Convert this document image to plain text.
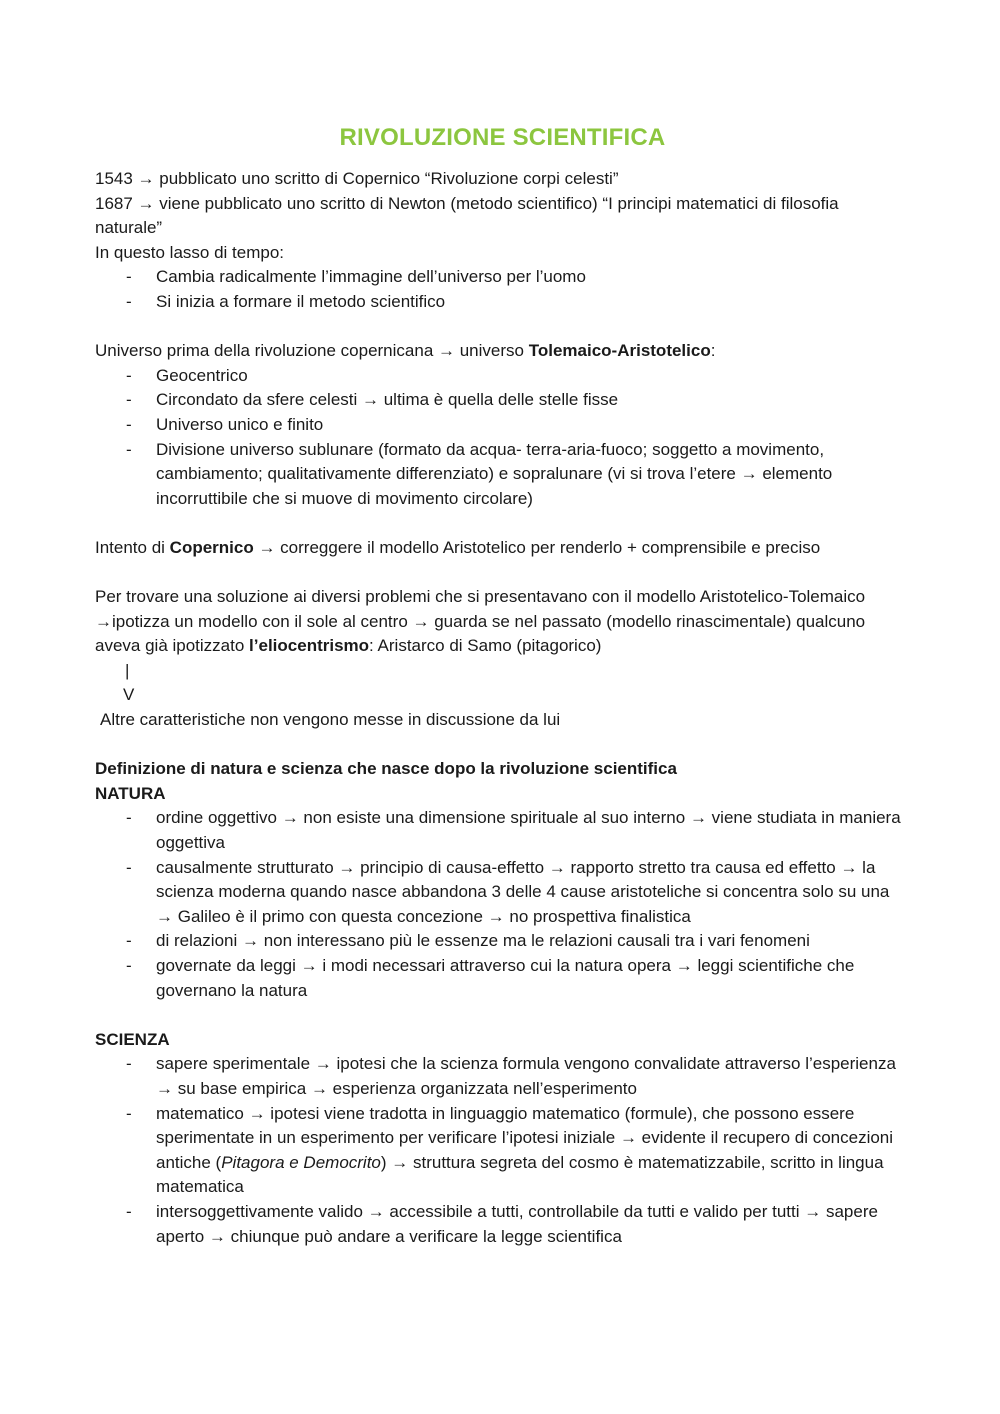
RIVOLUZIONE SCIENTIFICA

1543 → pubblicato uno scritto di Copernico “Rivoluzione corpi celesti”

1687 → viene pubblicato uno scritto di Newton (metodo scientifico) “I principi matematici di filosofia naturale”

In questo lasso di tempo:

- Cambia radicalmente l’immagine dell’universo per l’uomo
- Si inizia a formare il metodo scientifico

Universo prima della rivoluzione copernicana → universo Tolemaico-Aristotelico:

- Geocentrico
- Circondato da sfere celesti → ultima è quella delle stelle fisse
- Universo unico e finito
- Divisione universo sublunare (formato da acqua- terra-aria-fuoco; soggetto a movimento, cambiamento; qualitativamente differenziato) e sopralunare (vi si trova l’etere → elemento incorruttibile che si muove di movimento circolare)

Intento di Copernico → correggere il modello Aristotelico per renderlo + comprensibile e preciso

Per trovare una soluzione ai diversi problemi che si presentavano con il modello Aristotelico-Tolemaico →ipotizza un modello con il sole al centro → guarda se nel passato (modello rinascimentale) qualcuno aveva già ipotizzato l’eliocentrismo: Aristarco di Samo (pitagorico)

|

V

Altre caratteristiche non vengono messe in discussione da lui

Definizione di natura e scienza che nasce dopo la rivoluzione scientifica

NATURA

- ordine oggettivo → non esiste una dimensione spirituale al suo interno → viene studiata in maniera oggettiva
- causalmente strutturato → principio di causa-effetto → rapporto stretto tra causa ed effetto → la scienza moderna quando nasce abbandona 3 delle 4 cause aristoteliche si concentra solo su una → Galileo è il primo con questa concezione → no prospettiva finalistica
- di relazioni → non interessano più le essenze ma le relazioni causali tra i vari fenomeni
- governate da leggi → i modi necessari attraverso cui la natura opera → leggi scientifiche che governano la natura

SCIENZA

- sapere sperimentale → ipotesi che la scienza formula vengono convalidate attraverso l’esperienza → su base empirica → esperienza organizzata nell’esperimento
- matematico → ipotesi viene tradotta in linguaggio matematico (formule), che possono essere sperimentate in un esperimento per verificare l’ipotesi iniziale → evidente il recupero di concezioni antiche (Pitagora e Democrito) → struttura segreta del cosmo è matematizzabile, scritto in lingua matematica
- intersoggettivamente valido → accessibile a tutti, controllabile da tutti e valido per tutti → sapere aperto → chiunque può andare a verificare la legge scientifica
